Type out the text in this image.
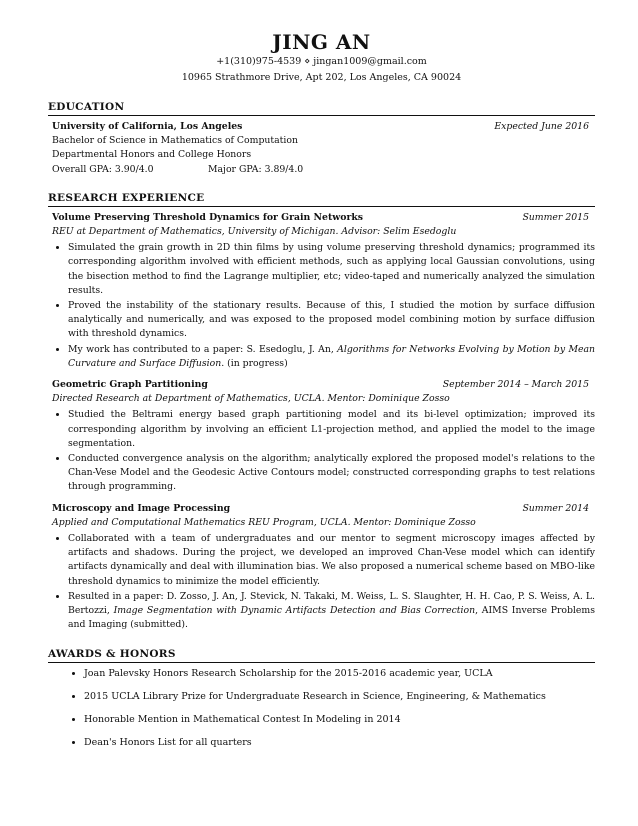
JING AN
+1(310)975-4539 ⋄ jingan1009@gmail.com
10965 Strathmore Drive, Apt 202, Los Angeles, CA 90024
EDUCATION
University of California, Los Angeles	Expected June 2016
Bachelor of Science in Mathematics of Computation
Departmental Honors and College Honors
Overall GPA: 3.90/4.0	Major GPA: 3.89/4.0
RESEARCH EXPERIENCE
Volume Preserving Threshold Dynamics for Grain Networks	Summer 2015
REU at Department of Mathematics, University of Michigan. Advisor: Selim Esedoglu
• Simulated the grain growth in 2D thin films by using volume preserving threshold dynamics; programmed its corresponding algorithm involved with efficient methods, such as applying local Gaussian convolutions, using the bisection method to find the Lagrange multiplier, etc; video-taped and numerically analyzed the simulation results.
• Proved the instability of the stationary results. Because of this, I studied the motion by surface diffusion analytically and numerically, and was exposed to the proposed model combining motion by surface diffusion with threshold dynamics.
• My work has contributed to a paper: S. Esedoglu, J. An, Algorithms for Networks Evolving by Motion by Mean Curvature and Surface Diffusion. (in progress)
Geometric Graph Partitioning	September 2014 – March 2015
Directed Research at Department of Mathematics, UCLA. Mentor: Dominique Zosso
• Studied the Beltrami energy based graph partitioning model and its bi-level optimization; improved its corresponding algorithm by involving an efficient L1-projection method, and applied the model to the image segmentation.
• Conducted convergence analysis on the algorithm; analytically explored the proposed model's relations to the Chan-Vese Model and the Geodesic Active Contours model; constructed corresponding graphs to test relations through programming.
Microscopy and Image Processing	Summer 2014
Applied and Computational Mathematics REU Program, UCLA. Mentor: Dominique Zosso
• Collaborated with a team of undergraduates and our mentor to segment microscopy images affected by artifacts and shadows. During the project, we developed an improved Chan-Vese model which can identify artifacts dynamically and deal with illumination bias. We also proposed a numerical scheme based on MBO-like threshold dynamics to minimize the model efficiently.
• Resulted in a paper: D. Zosso, J. An, J. Stevick, N. Takaki, M. Weiss, L. S. Slaughter, H. H. Cao, P. S. Weiss, A. L. Bertozzi, Image Segmentation with Dynamic Artifacts Detection and Bias Correction, AIMS Inverse Problems and Imaging (submitted).
AWARDS & HONORS
• Joan Palevsky Honors Research Scholarship for the 2015-2016 academic year, UCLA
• 2015 UCLA Library Prize for Undergraduate Research in Science, Engineering, & Mathematics
• Honorable Mention in Mathematical Contest In Modeling in 2014
• Dean's Honors List for all quarters
